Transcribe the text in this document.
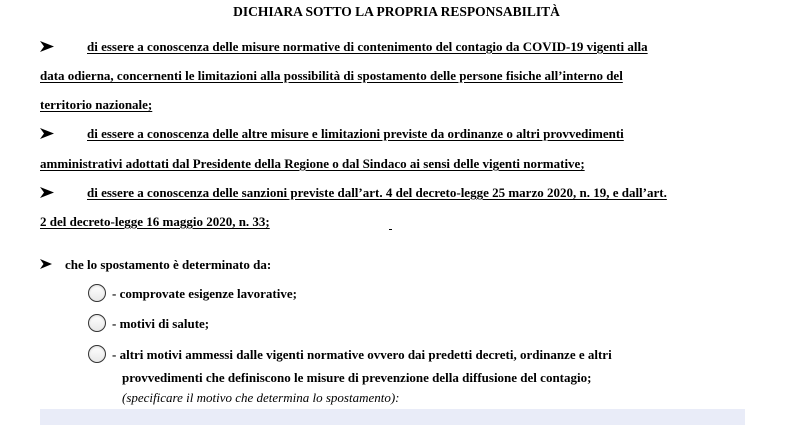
DICHIARA SOTTO LA PROPRIA RESPONSABILITÀ
di essere a conoscenza delle misure normative di contenimento del contagio da COVID-19 vigenti alla
data odierna, concernenti le limitazioni alla possibilità di spostamento delle persone fisiche all’interno del
territorio nazionale;
di essere a conoscenza delle altre misure e limitazioni previste da ordinanze o altri provvedimenti
amministrativi adottati dal Presidente della Regione o dal Sindaco ai sensi delle vigenti normative;
di essere a conoscenza delle sanzioni previste dall’art. 4 del decreto-legge 25 marzo 2020, n. 19, e dall’art.
2 del decreto-legge 16 maggio 2020, n. 33;
che lo spostamento è determinato da:
- comprovate esigenze lavorative;
- motivi di salute;
- altri motivi ammessi dalle vigenti normative ovvero dai predetti decreti, ordinanze e altri
provvedimenti che definiscono le misure di prevenzione della diffusione del contagio;
(specificare il motivo che determina lo spostamento):
